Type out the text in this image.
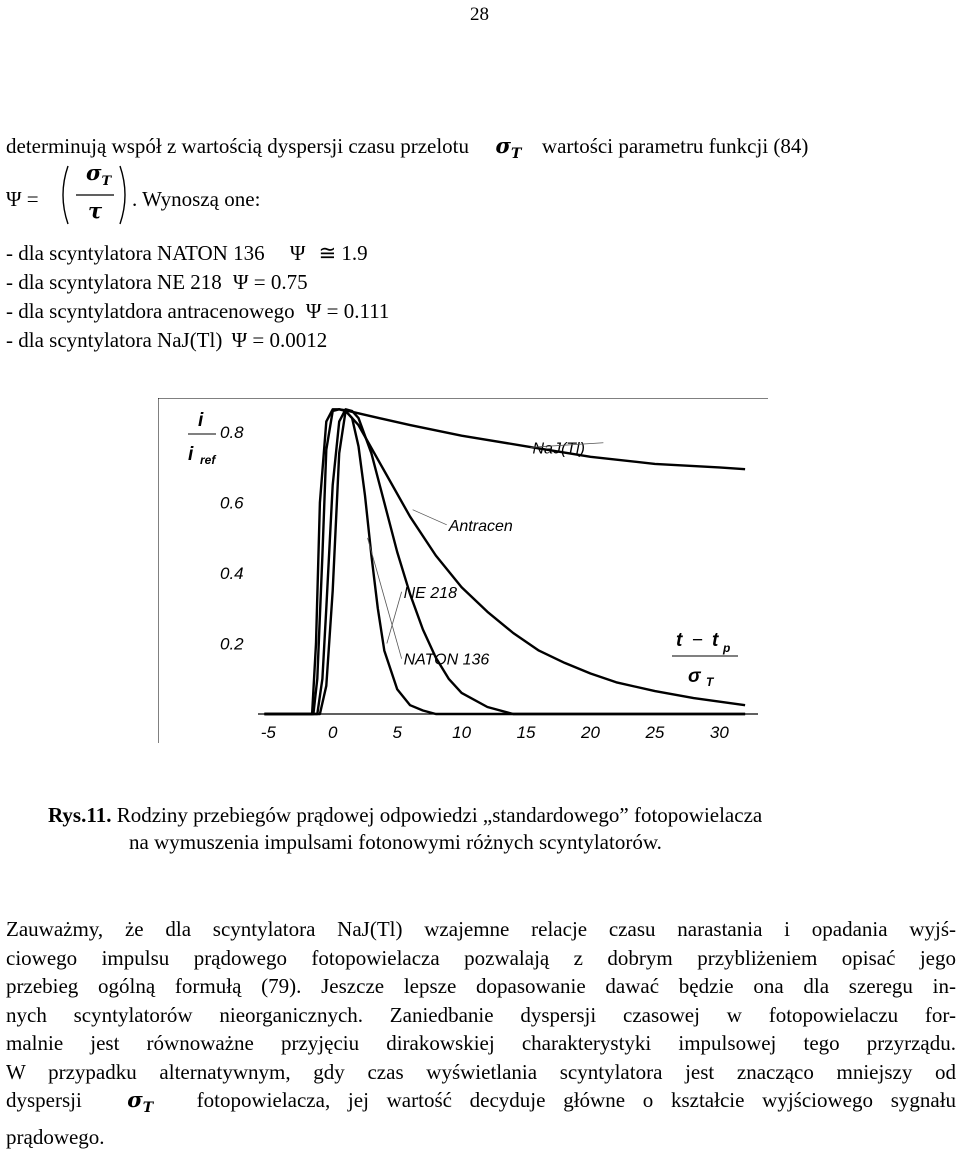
28
determinują współ z wartością dyspersji czasu przelotu $\sigma_T$ wartości parametru funkcji (84)
Ψ =
$\sigma_T$
τ . Wynoszą one:
- dla scyntylatora NATON 136 Ψ ≅ 1.9
- dla scyntylatora NE 218 Ψ = 0.75
- dla scyntylatdora antracenowego Ψ = 0.111
- dla scyntylatora NaJ(Tl) Ψ = 0.0012
NaJ(Tl)
Antracen
NE 218
NATON 136
0.2
0.4
0.6
0.8
-5	0	5	10	15	20	25	30
i
i ref
t − t p
σ T
Rys.11. Rodziny przebiegów prądowej odpowiedzi „standardowego” fotopowielacza
na wymuszenia impulsami fotonowymi różnych scyntylatorów.
Zauważmy, że dla scyntylatora NaJ(Tl) wzajemne relacje czasu narastania i opadania wyjś-
ciowego impulsu prądowego fotopowielacza pozwalają z dobrym przybliżeniem opisać jego
przebieg ogólną formułą (79). Jeszcze lepsze dopasowanie dawać będzie ona dla szeregu in-
nych scyntylatorów nieorganicznych. Zaniedbanie dyspersji czasowej w fotopowielaczu for-
malnie jest równoważne przyjęciu dirakowskiej charakterystyki impulsowej tego przyrządu.
W przypadku alternatywnym, gdy czas wyświetlania scyntylatora jest znacząco mniejszy od
dyspersji $\sigma_T$ fotopowielacza, jej wartość decyduje główne o kształcie wyjściowego sygnału
prądowego.
